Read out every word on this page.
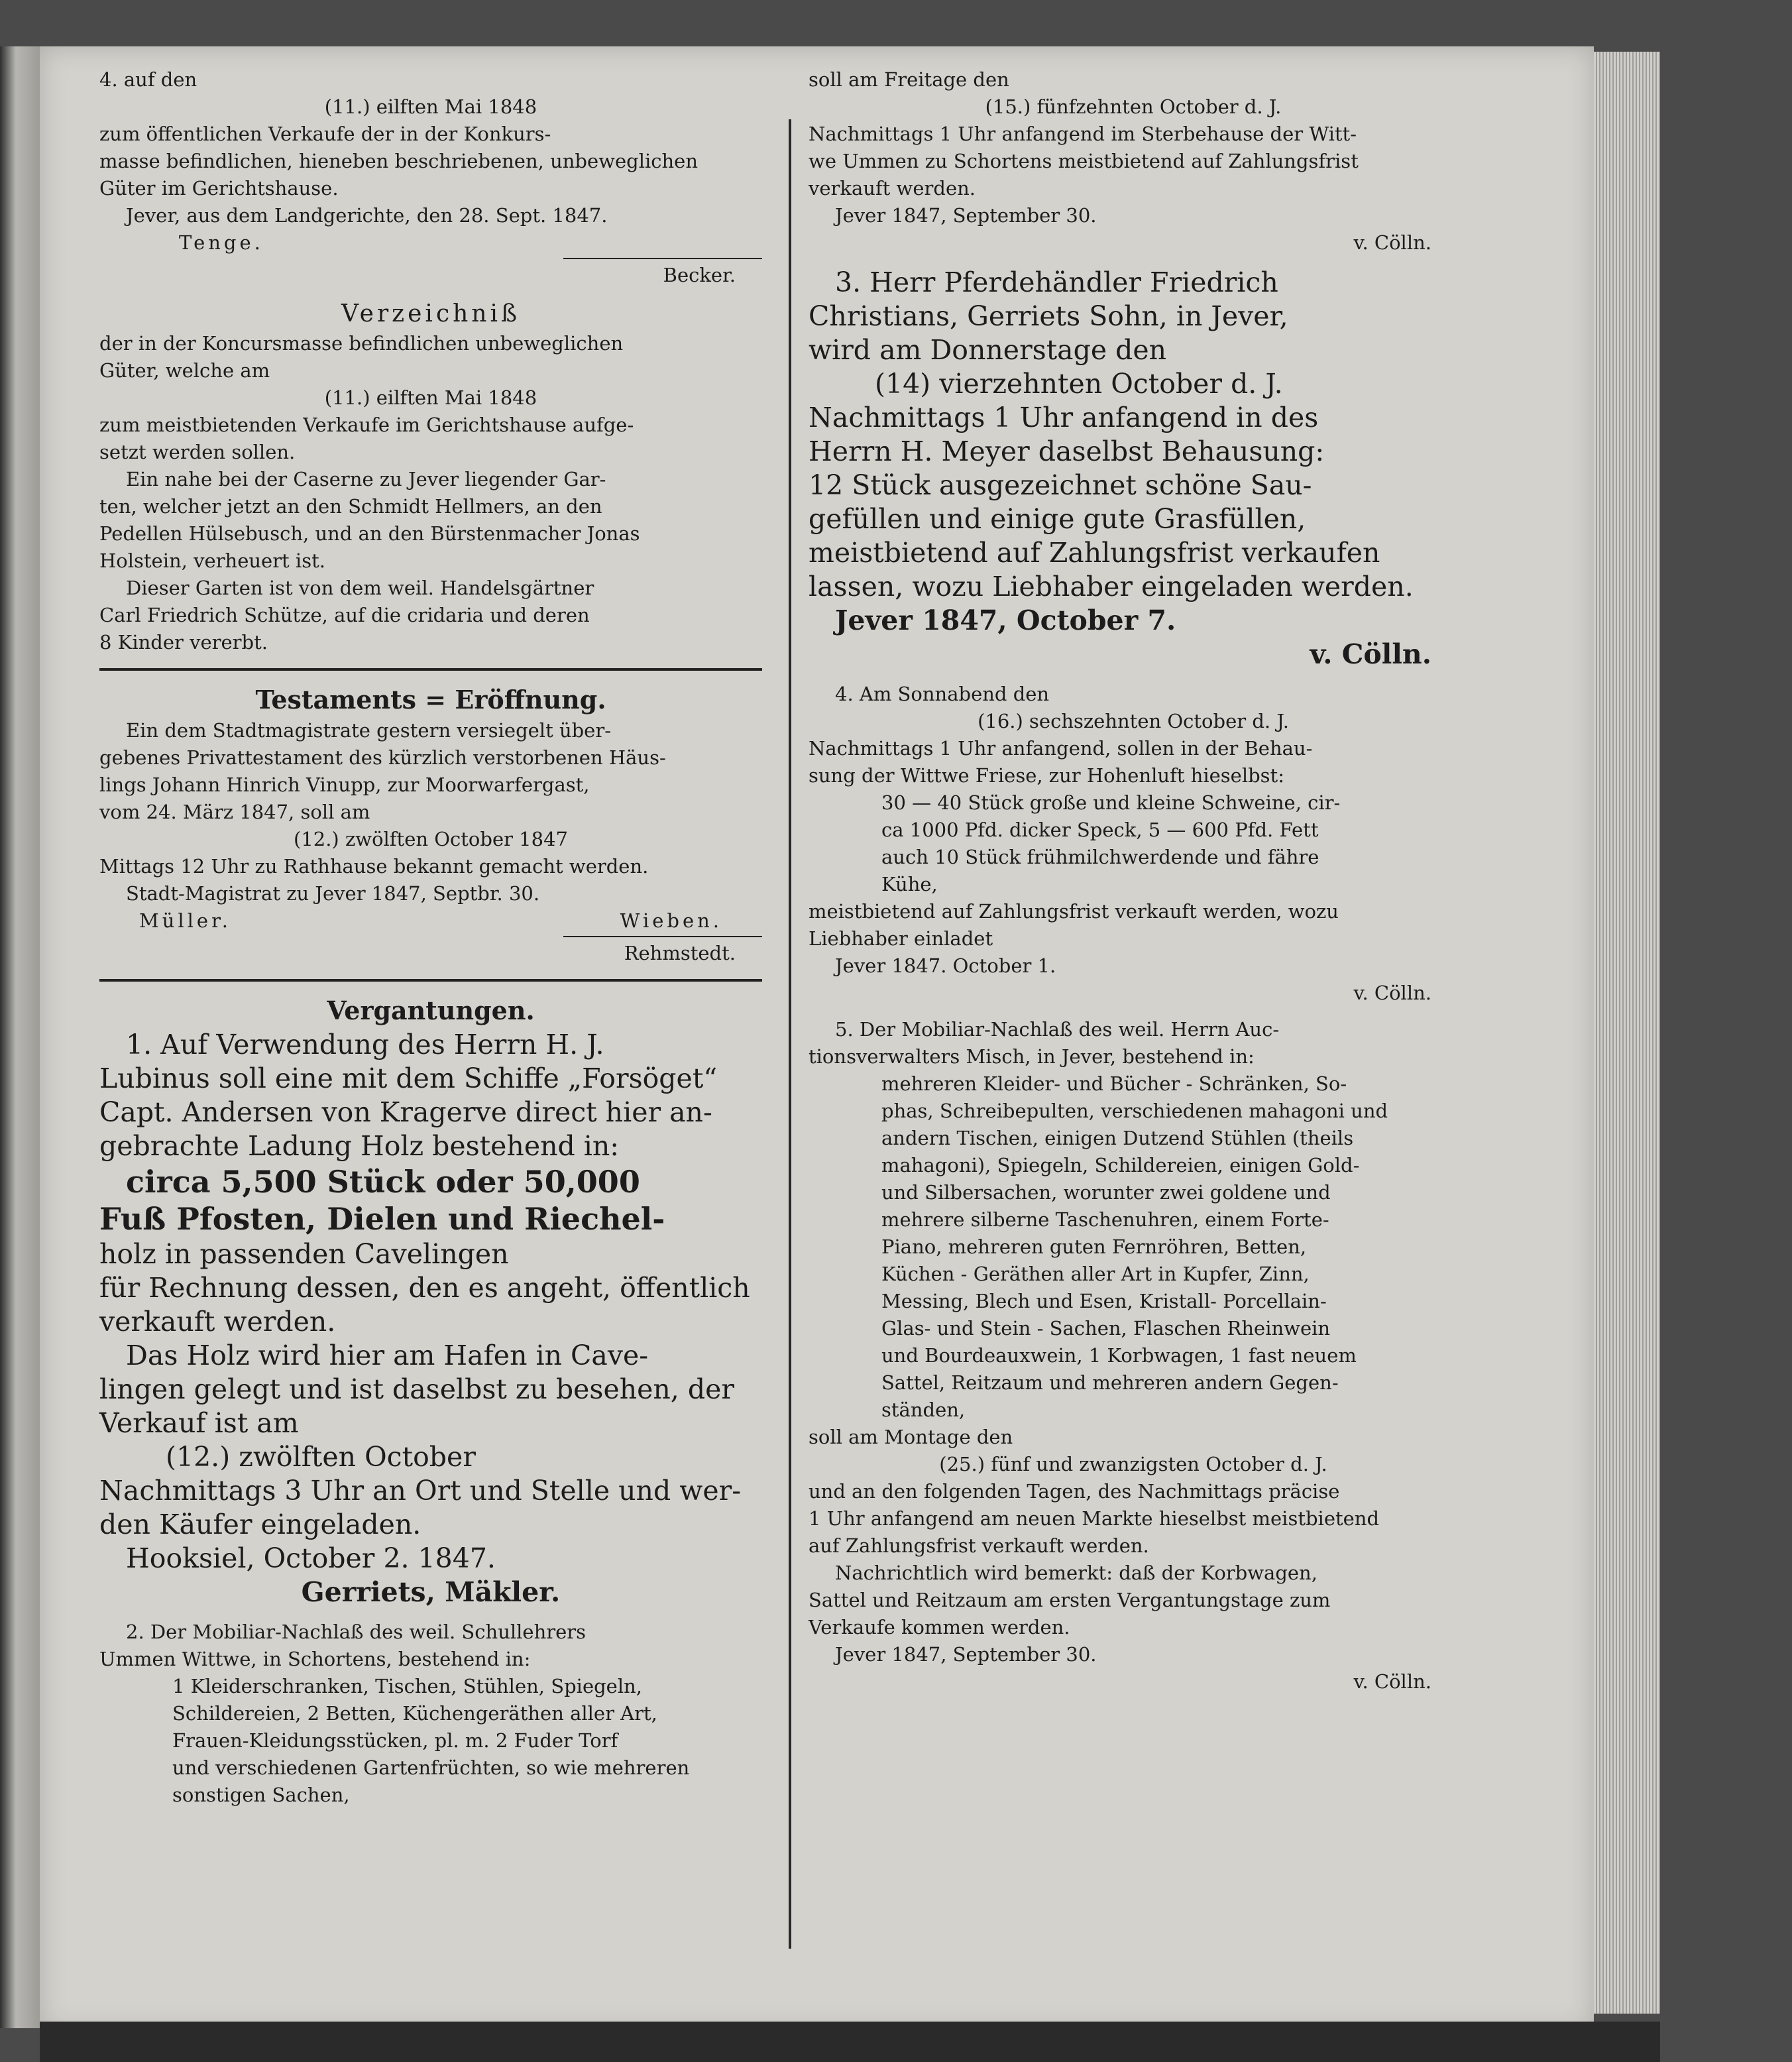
4. auf den

(11.) eilften Mai 1848

zum öffentlichen Verkaufe der in der Konkurs-

masse befindlichen, hieneben beschriebenen, unbeweglichen

Güter im Gerichtshause.

Jever, aus dem Landgerichte, den 28. Sept. 1847.

Tenge.

Becker.

Verzeichniß

der in der Koncursmasse befindlichen unbeweglichen

Güter, welche am

(11.) eilften Mai 1848

zum meistbietenden Verkaufe im Gerichtshause aufge-

setzt werden sollen.

Ein nahe bei der Caserne zu Jever liegender Gar-

ten, welcher jetzt an den Schmidt Hellmers, an den

Pedellen Hülsebusch, und an den Bürstenmacher Jonas

Holstein, verheuert ist.

Dieser Garten ist von dem weil. Handelsgärtner

Carl Friedrich Schütze, auf die cridaria und deren

8 Kinder vererbt.

Testaments = Eröffnung.

Ein dem Stadtmagistrate gestern versiegelt über-

gebenes Privattestament des kürzlich verstorbenen Häus-

lings Johann Hinrich Vinupp, zur Moorwarfergast,

vom 24. März 1847, soll am

(12.) zwölften October 1847

Mittags 12 Uhr zu Rathhause bekannt gemacht werden.

Stadt-Magistrat zu Jever 1847, Septbr. 30.

Müller.	Wieben.

Rehmstedt.

Vergantungen.

1. Auf Verwendung des Herrn H. J.

Lubinus soll eine mit dem Schiffe „Forsöget“

Capt. Andersen von Kragerve direct hier an-

gebrachte Ladung Holz bestehend in:

circa 5,500 Stück oder 50,000

Fuß Pfosten, Dielen und Riechel-

holz in passenden Cavelingen

für Rechnung dessen, den es angeht, öffentlich

verkauft werden.

Das Holz wird hier am Hafen in Cave-

lingen gelegt und ist daselbst zu besehen, der

Verkauf ist am

(12.) zwölften October

Nachmittags 3 Uhr an Ort und Stelle und wer-

den Käufer eingeladen.

Hooksiel, October 2. 1847.

Gerriets, Mäkler.

2. Der Mobiliar-Nachlaß des weil. Schullehrers

Ummen Wittwe, in Schortens, bestehend in:

1 Kleiderschranken, Tischen, Stühlen, Spiegeln,

Schildereien, 2 Betten, Küchengeräthen aller Art,

Frauen-Kleidungsstücken, pl. m. 2 Fuder Torf

und verschiedenen Gartenfrüchten, so wie mehreren

sonstigen Sachen,

soll am Freitage den

(15.) fünfzehnten October d. J.

Nachmittags 1 Uhr anfangend im Sterbehause der Witt-

we Ummen zu Schortens meistbietend auf Zahlungsfrist

verkauft werden.

Jever 1847, September 30.

v. Cölln.

3. Herr Pferdehändler Friedrich

Christians, Gerriets Sohn, in Jever,

wird am Donnerstage den

(14) vierzehnten October d. J.

Nachmittags 1 Uhr anfangend in des

Herrn H. Meyer daselbst Behausung:

12 Stück ausgezeichnet schöne Sau-

gefüllen und einige gute Grasfüllen,

meistbietend auf Zahlungsfrist verkaufen

lassen, wozu Liebhaber eingeladen werden.

Jever 1847, October 7.

v. Cölln.

4. Am Sonnabend den

(16.) sechszehnten October d. J.

Nachmittags 1 Uhr anfangend, sollen in der Behau-

sung der Wittwe Friese, zur Hohenluft hieselbst:

30 — 40 Stück große und kleine Schweine, cir-

ca 1000 Pfd. dicker Speck, 5 — 600 Pfd. Fett

auch 10 Stück frühmilchwerdende und fähre

Kühe,

meistbietend auf Zahlungsfrist verkauft werden, wozu

Liebhaber einladet

Jever 1847. October 1.

v. Cölln.

5. Der Mobiliar-Nachlaß des weil. Herrn Auc-

tionsverwalters Misch, in Jever, bestehend in:

mehreren Kleider- und Bücher - Schränken, So-

phas, Schreibepulten, verschiedenen mahagoni und

andern Tischen, einigen Dutzend Stühlen (theils

mahagoni), Spiegeln, Schildereien, einigen Gold-

und Silbersachen, worunter zwei goldene und

mehrere silberne Taschenuhren, einem Forte-

Piano, mehreren guten Fernröhren, Betten,

Küchen - Geräthen aller Art in Kupfer, Zinn,

Messing, Blech und Esen, Kristall- Porcellain-

Glas- und Stein - Sachen, Flaschen Rheinwein

und Bourdeauxwein, 1 Korbwagen, 1 fast neuem

Sattel, Reitzaum und mehreren andern Gegen-

ständen,

soll am Montage den

(25.) fünf und zwanzigsten October d. J.

und an den folgenden Tagen, des Nachmittags präcise

1 Uhr anfangend am neuen Markte hieselbst meistbietend

auf Zahlungsfrist verkauft werden.

Nachrichtlich wird bemerkt: daß der Korbwagen,

Sattel und Reitzaum am ersten Vergantungstage zum

Verkaufe kommen werden.

Jever 1847, September 30.

v. Cölln.
